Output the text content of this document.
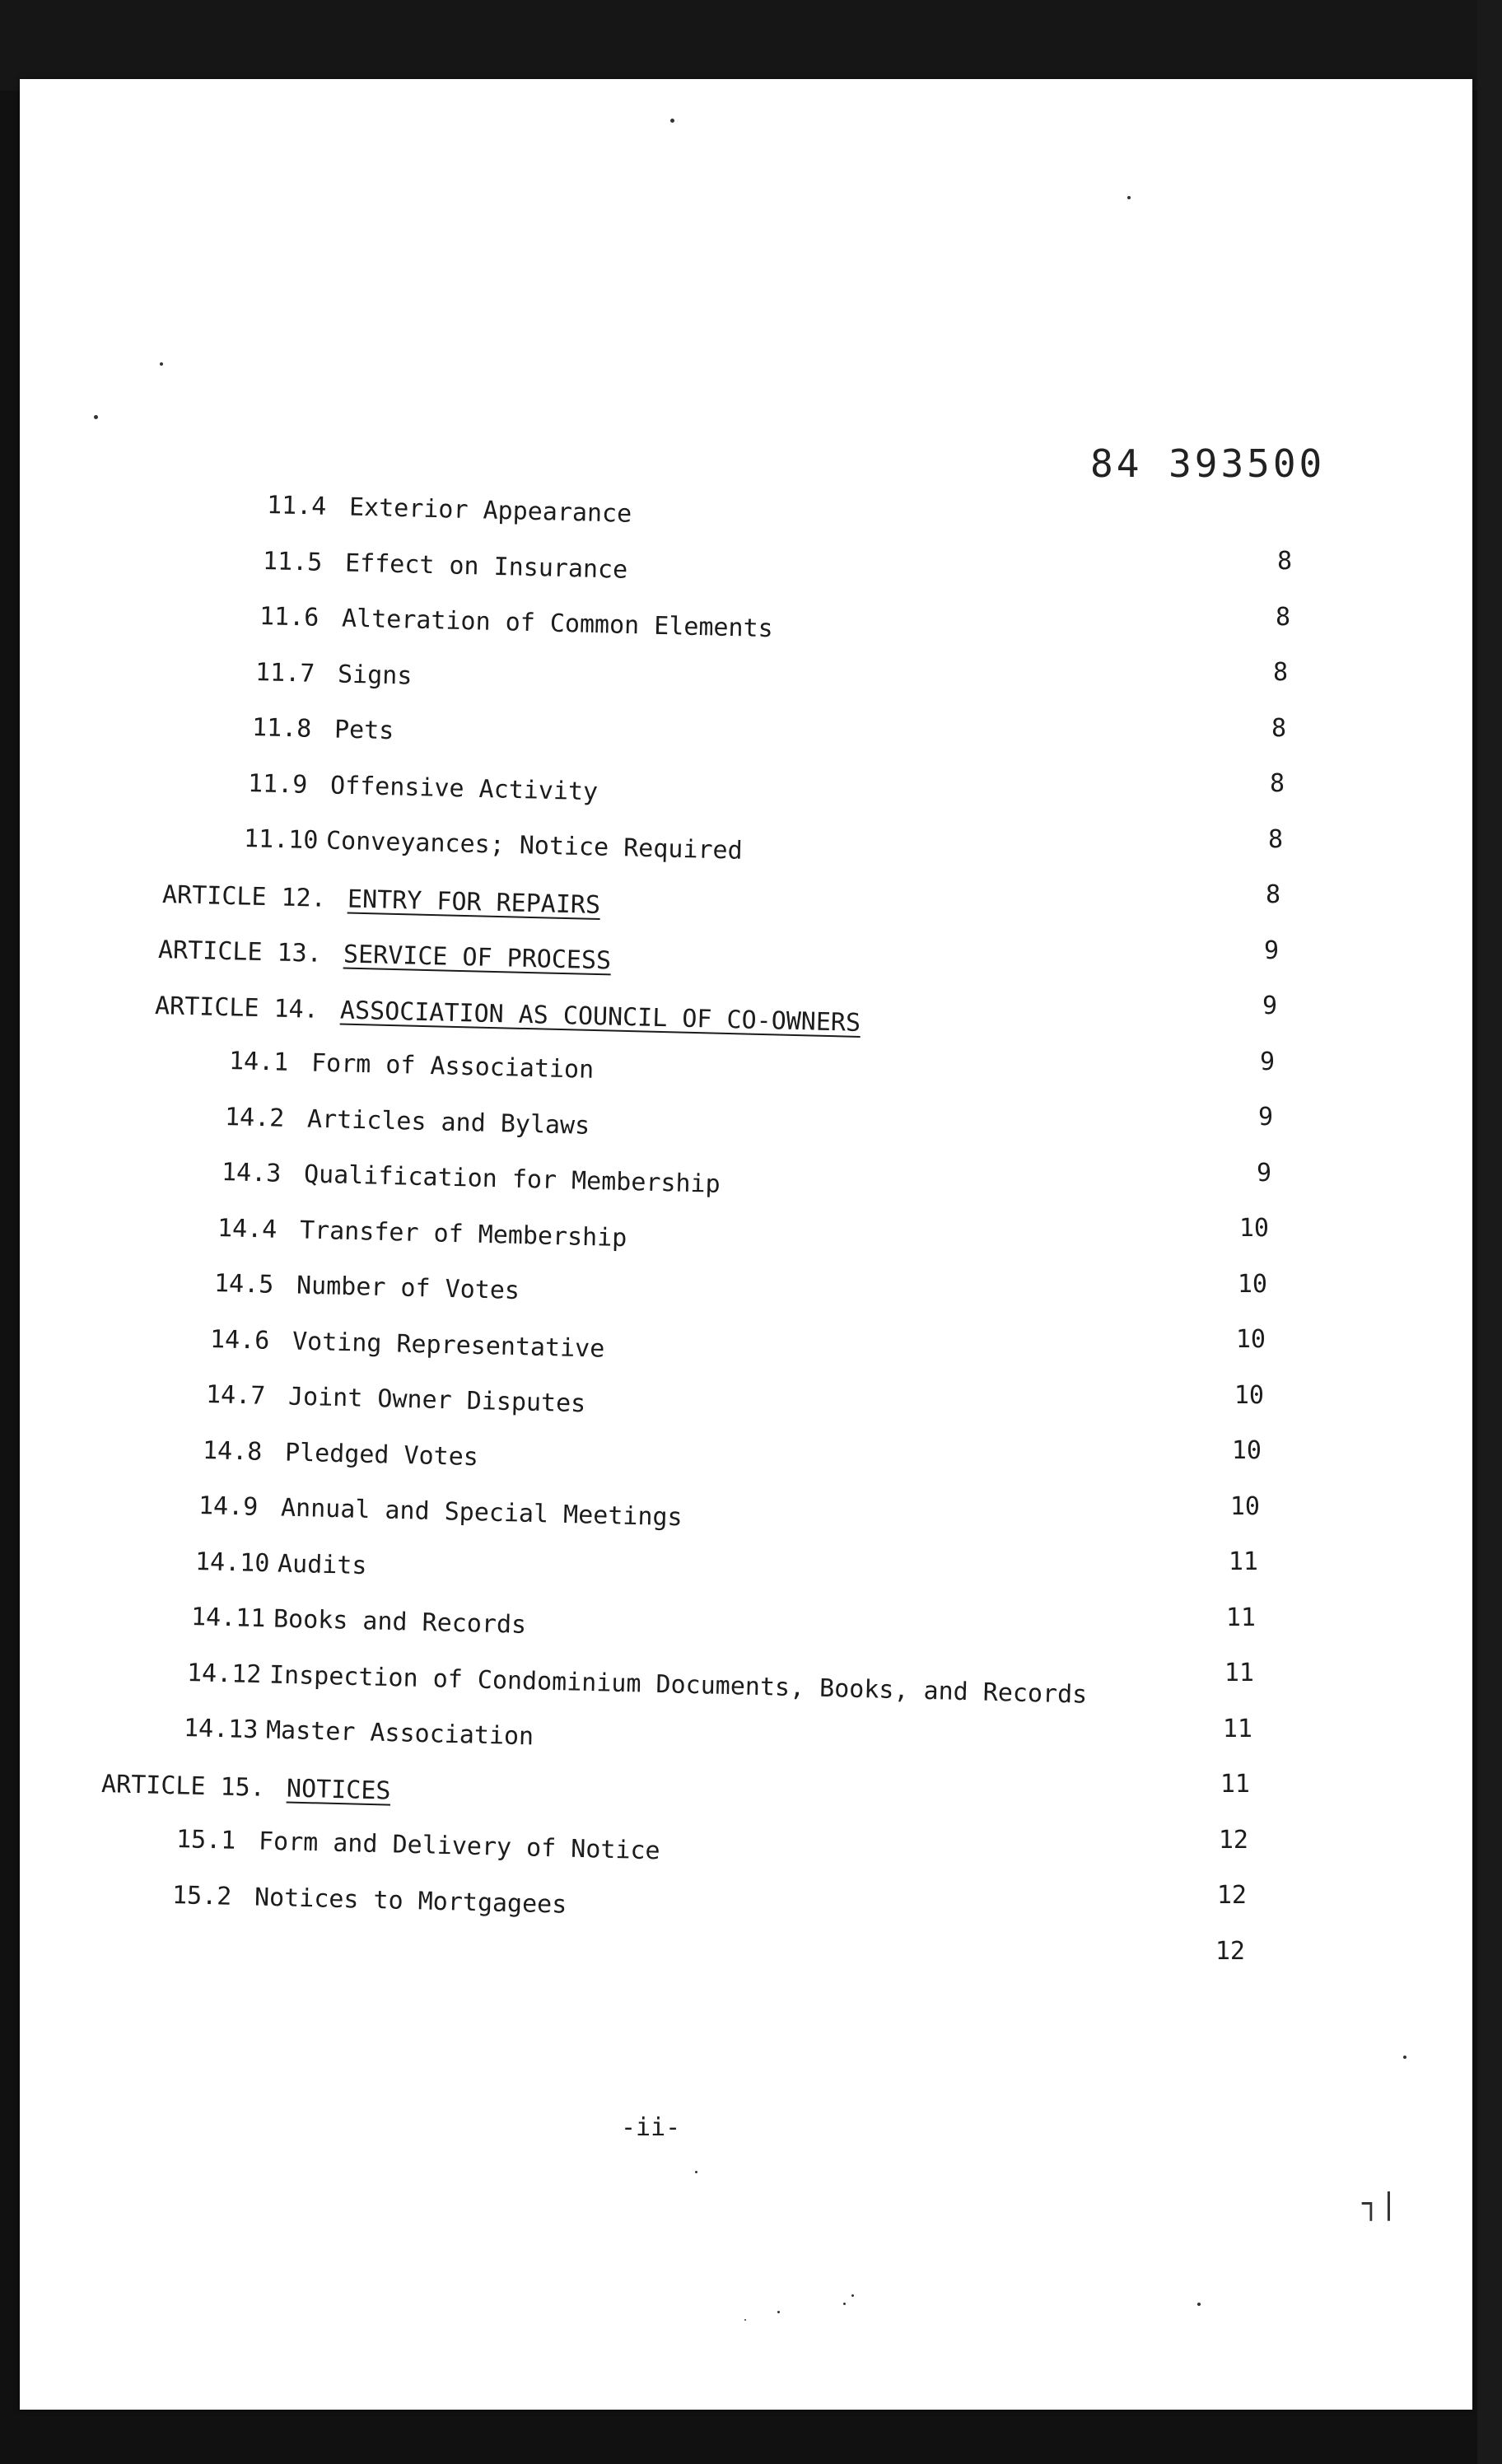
84 393500
11.4 Exterior Appearance
11.5 Effect on Insurance
11.6 Alteration of Common Elements
11.7 Signs
11.8 Pets
11.9 Offensive Activity
11.10 Conveyances; Notice Required
ARTICLE 12. ENTRY FOR REPAIRS
ARTICLE 13. SERVICE OF PROCESS
ARTICLE 14. ASSOCIATION AS COUNCIL OF CO-OWNERS
14.1 Form of Association
14.2 Articles and Bylaws
14.3 Qualification for Membership
14.4 Transfer of Membership
14.5 Number of Votes
14.6 Voting Representative
14.7 Joint Owner Disputes
14.8 Pledged Votes
14.9 Annual and Special Meetings
14.10 Audits
14.11 Books and Records
14.12 Inspection of Condominium Documents, Books, and Records
14.13 Master Association
ARTICLE 15. NOTICES
15.1 Form and Delivery of Notice
15.2 Notices to Mortgagees
8
8
8
8
8
8
8
9
9
9
9
9
10
10
10
10
10
10
11
11
11
11
11
12
12
12
-ii-
┐|
